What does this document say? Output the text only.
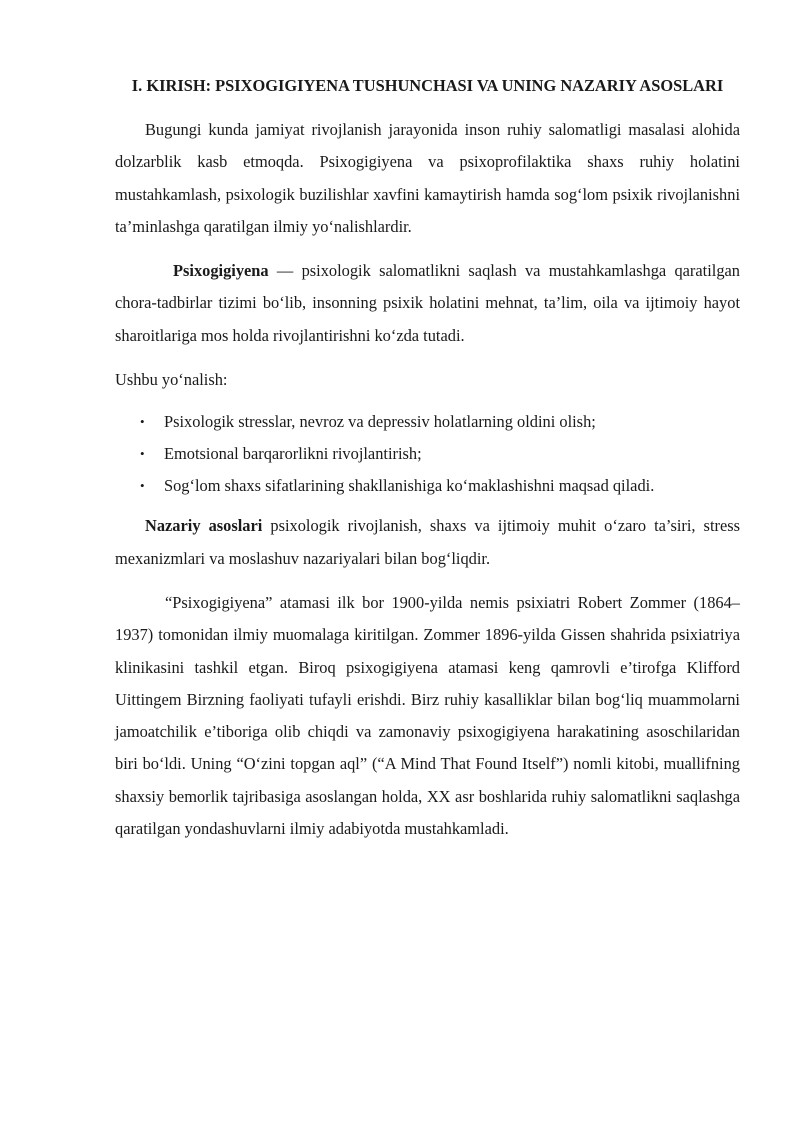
I. KIRISH: PSIXOGIGIYENA TUSHUNCHASI VA UNING NAZARIY ASOSLARI

Bugungi kunda jamiyat rivojlanish jarayonida inson ruhiy salomatligi masalasi alohida dolzarblik kasb etmoqda. Psixogigiyena va psixoprofilaktika shaxs ruhiy holatini mustahkamlash, psixologik buzilishlar xavfini kamaytirish hamda sog‘lom psixik rivojlanishni ta’minlashga qaratilgan ilmiy yo‘nalishlardir.

Psixogigiyena — psixologik salomatlikni saqlash va mustahkamlashga qaratilgan chora-tadbirlar tizimi bo‘lib, insonning psixik holatini mehnat, ta’lim, oila va ijtimoiy hayot sharoitlariga mos holda rivojlantirishni ko‘zda tutadi.

Ushbu yo‘nalish:

• Psixologik stresslar, nevroz va depressiv holatlarning oldini olish;
• Emotsional barqarorlikni rivojlantirish;
• Sog‘lom shaxs sifatlarining shakllanishiga ko‘maklashishni maqsad qiladi.

Nazariy asoslari psixologik rivojlanish, shaxs va ijtimoiy muhit o‘zaro ta’siri, stress mexanizmlari va moslashuv nazariyalari bilan bog‘liqdir.

“Psixogigiyena” atamasi ilk bor 1900-yilda nemis psixiatri Robert Zommer (1864–1937) tomonidan ilmiy muomalaga kiritilgan. Zommer 1896-yilda Gissen shahrida psixiatriya klinikasini tashkil etgan. Biroq psixogigiyena atamasi keng qamrovli e’tirofga Klifford Uittingem Birzning faoliyati tufayli erishdi. Birz ruhiy kasalliklar bilan bog‘liq muammolarni jamoatchilik e’tiboriga olib chiqdi va zamonaviy psixogigiyena harakatining asoschilaridan biri bo‘ldi. Uning “O‘zini topgan aql” (“A Mind That Found Itself”) nomli kitobi, muallifning shaxsiy bemorlik tajribasiga asoslangan holda, XX asr boshlarida ruhiy salomatlikni saqlashga qaratilgan yondashuvlarni ilmiy adabiyotda mustahkamladi.
